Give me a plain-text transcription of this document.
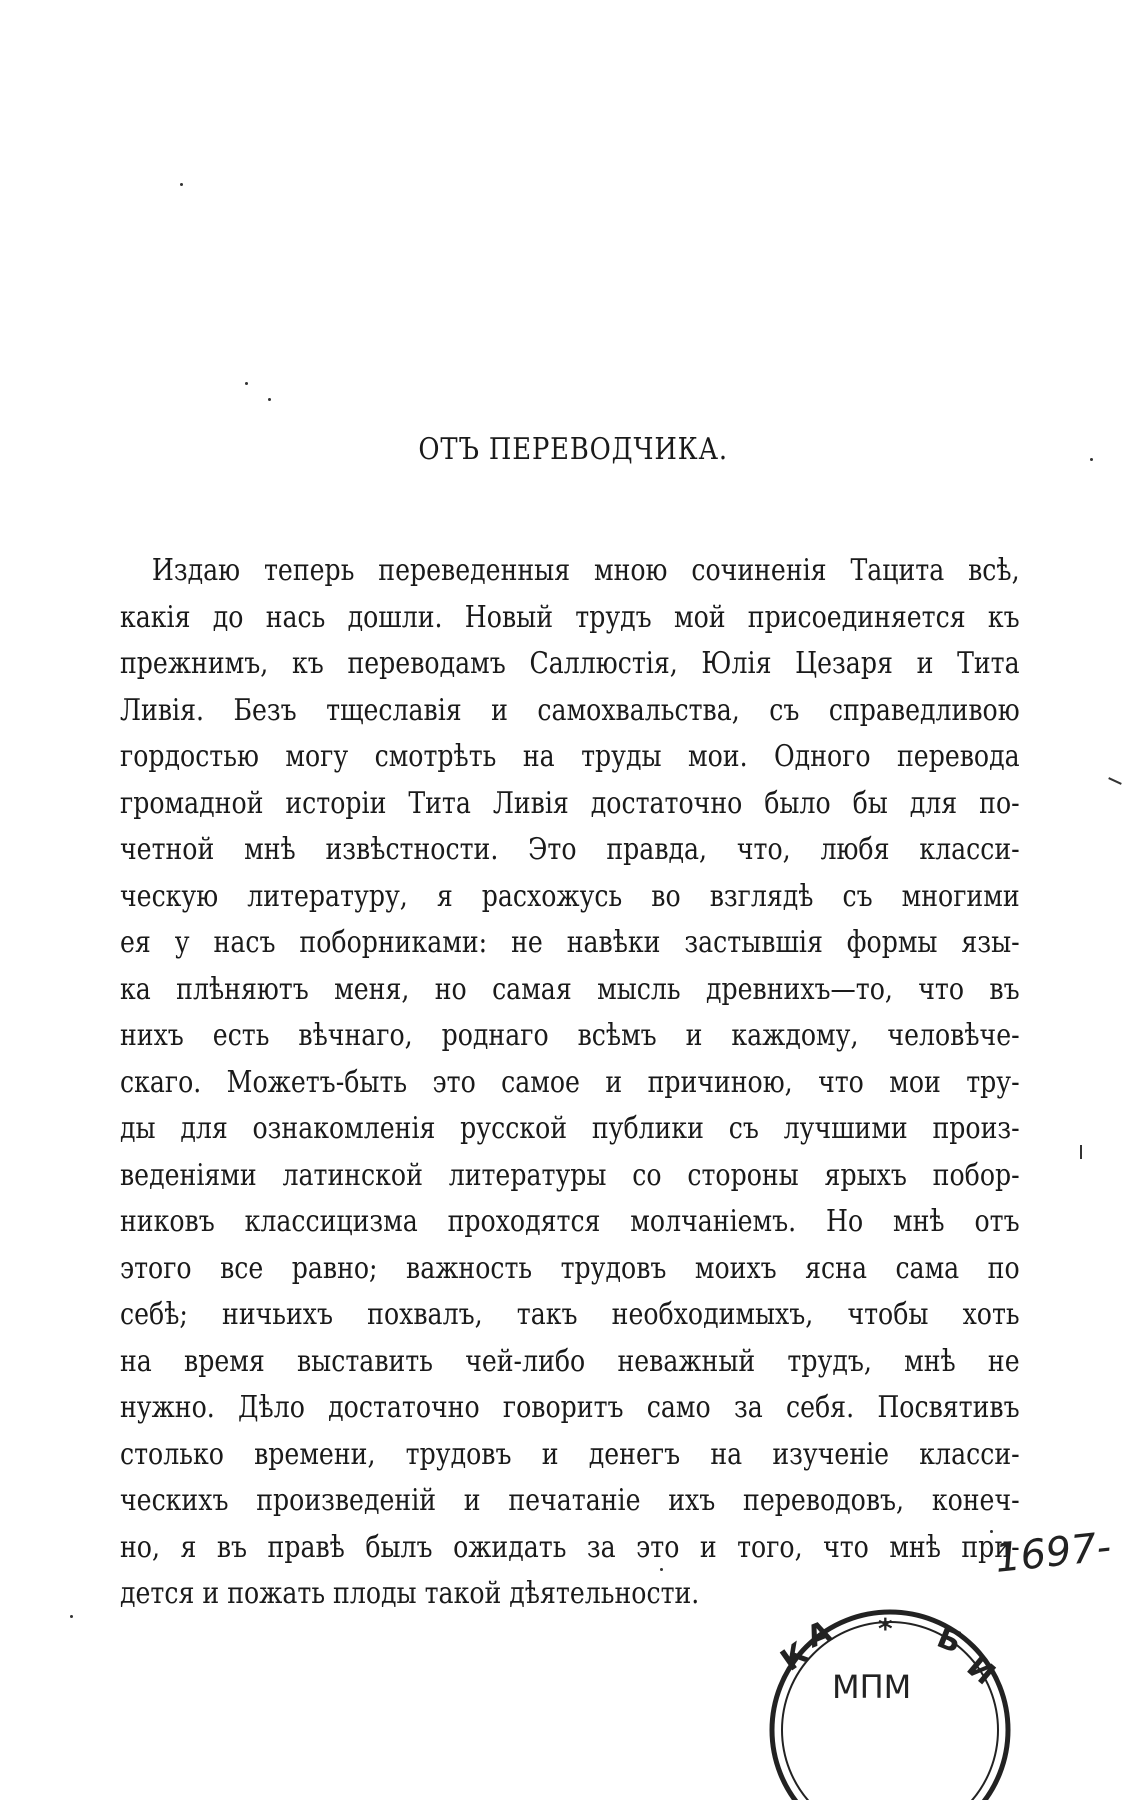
ОТЪ ПЕРЕВОДЧИКА.
Издаю теперь переведенныя мною сочиненія Тацита всѣ,
какія до нась дошли. Новый трудъ мой присоединяется къ
прежнимъ, къ переводамъ Саллюстія, Юлія Цезаря и Тита
Ливія. Безъ тщеславія и самохвальства, съ справедливою
гордостью могу смотрѣть на труды мои. Одного перевода
громадной исторіи Тита Ливія достаточно было бы для по-
четной мнѣ извѣстности. Это правда, что, любя класси-
ческую литературу, я расхожусь во взглядѣ съ многими
ея у насъ поборниками: не навѣки застывшія формы язы-
ка плѣняютъ меня, но самая мысль древнихъ—то, что въ
нихъ есть вѣчнаго, роднаго всѣмъ и каждому, человѣче-
скаго. Можетъ-быть это самое и причиною, что мои тру-
ды для ознакомленія русской публики съ лучшими произ-
веденіями латинской литературы со стороны ярыхъ побор-
никовъ классицизма проходятся молчаніемъ. Но мнѣ отъ
этого все равно; важность трудовъ моихъ ясна сама по
себѣ; ничьихъ похвалъ, такъ необходимыхъ, чтобы хоть
на время выставить чей-либо неважный трудъ, мнѣ не
нужно. Дѣло достаточно говоритъ само за себя. Посвятивъ
столько времени, трудовъ и денегъ на изученіе класси-
ческихъ произведеній и печатаніе ихъ переводовъ, конеч-
но, я въ правѣ былъ ожидать за это и того, что мнѣ при-
дется и пожать плоды такой дѣятельности.

1697-

К
А * Б
И
МПМ
